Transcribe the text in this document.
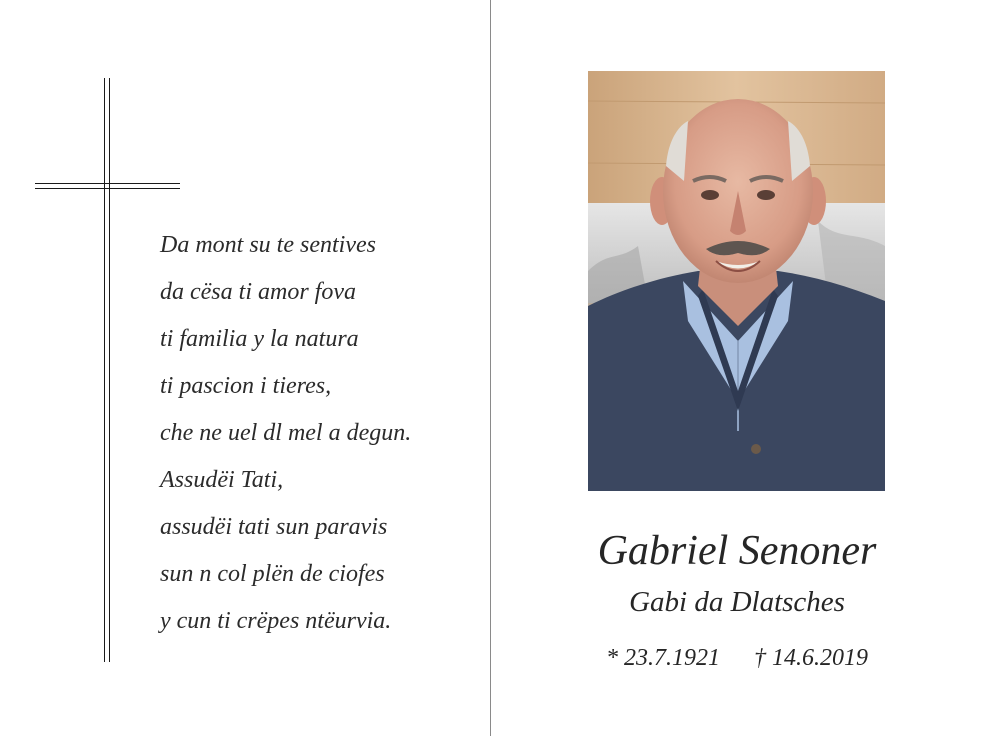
Da mont su te sentives
da cësa ti amor fova
ti familia y la natura
ti pascion i tieres,
che ne uel dl mel a degun.
Assudëi Tati,
assudëi tati sun paravis
sun n col plën de ciofes
y cun ti crëpes ntëurvia.
Gabriel Senoner
Gabi da Dlatsches
* 23.7.1921 † 14.6.2019
